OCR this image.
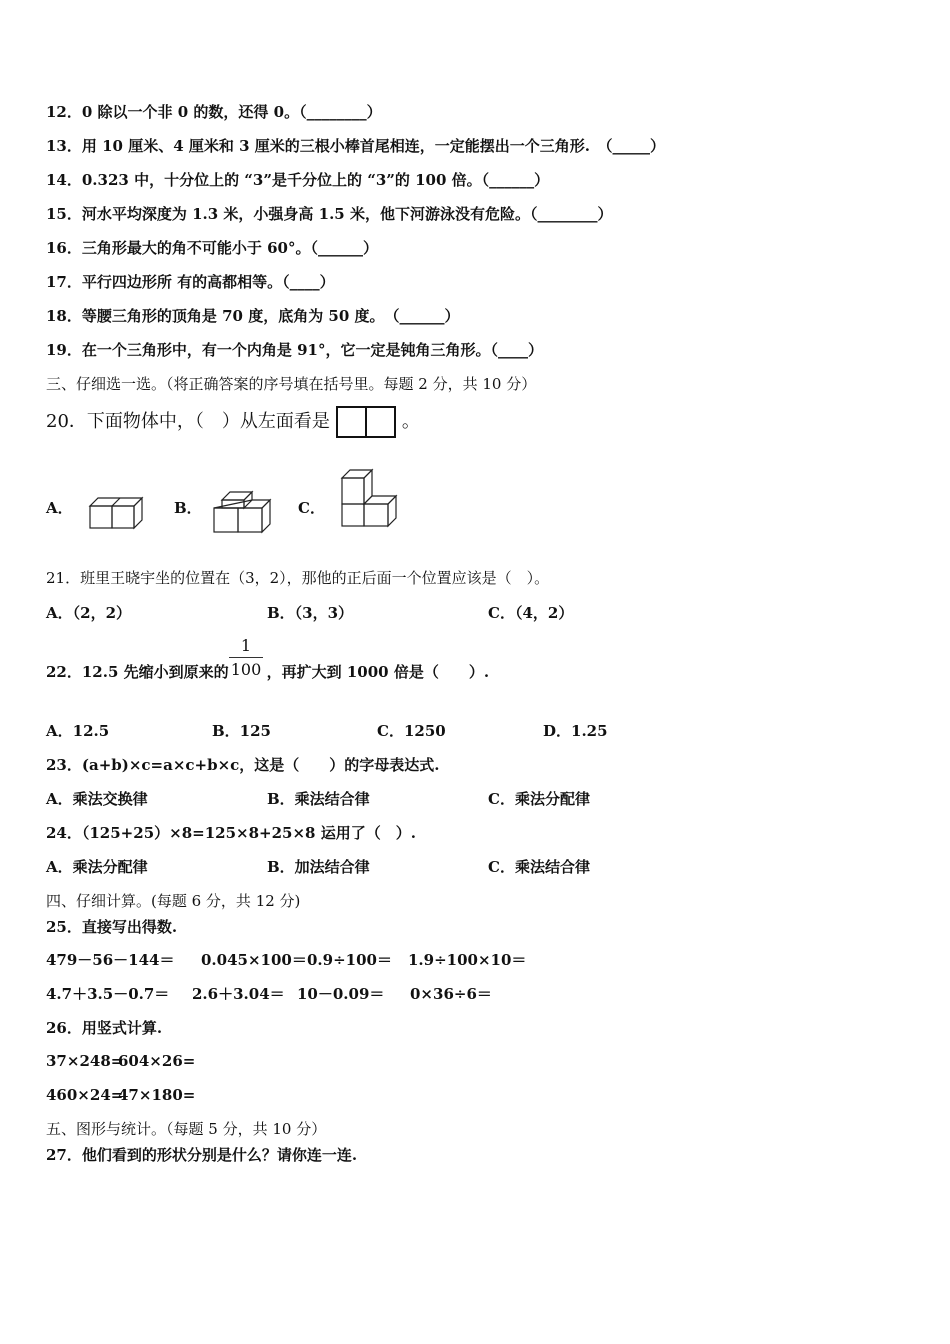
12．0 除以一个非 0 的数，还得 0。（________）
13．用 10 厘米、4 厘米和 3 厘米的三根小棒首尾相连，一定能摆出一个三角形.　（_____）
14．0.323 中，十分位上的 “3”是千分位上的 “3”的 100 倍。（______）
15．河水平均深度为 1.3 米，小强身高 1.5 米，他下河游泳没有危险。（________）
16．三角形最大的角不可能小于 60°。（______）
17．平行四边形所 有的高都相等。（____）
18．等腰三角形的顶角是 70 度，底角为 50 度。　（______）
19．在一个三角形中，有一个内角是 91°，它一定是钝角三角形。（____）
三、仔细选一选。（将正确答案的序号填在括号里。每题 2 分，共 10 分）
20．下面物体中，（　）从左面看是	。
A．	B．	C．
21．班里王晓宇坐的位置在（3，2），那他的正后面一个位置应该是（　）。
A．（2，2）	B．（3，3）	C．（4，2）
22．12.5 先缩小到原来的	，再扩大到 1000 倍是（　　）.
1
100
A．12.5	B．125	C．1250	D．1.25
23．(a+b)×c=a×c+b×c，这是（　　）的字母表达式.
A．乘法交换律	B．乘法结合律	C．乘法分配律
24．（125+25）×8=125×8+25×8 运用了（　）.
A．乘法分配律	B．加法结合律	C．乘法结合律
四、仔细计算。(每题 6 分，共 12 分)
25．直接写出得数.
479－56－144＝ 0.045×100＝ 0.9÷100＝ 1.9÷100×10＝
4.7＋3.5－0.7＝ 2.6＋3.04＝ 10－0.09＝ 0×36÷6＝
26．用竖式计算.
37×248=
604×26=
460×24=
47×180=
五、图形与统计。（每题 5 分，共 10 分）
27．他们看到的形状分别是什么？请你连一连.
